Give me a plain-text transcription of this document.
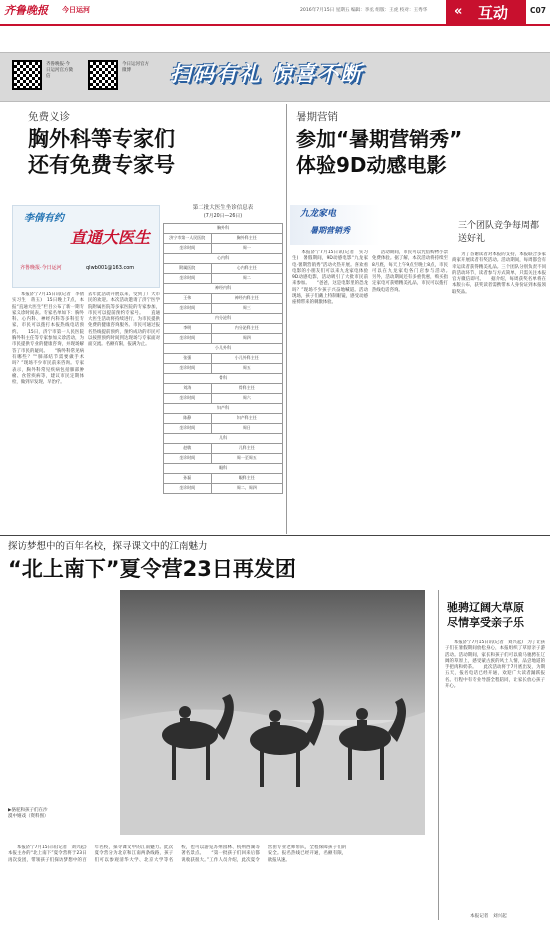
齐鲁晚报 今日运河	2016年7月15日 星期五 编辑：李丞 组版：王虎 校对：王秀华 « 互动	C07
齐鲁晚报·今日运河官方微信
今日运河官方微博	扫码有礼 惊喜不断
免费义诊
胸外科等专家们
还有免费专家号
李倩有约
直通大医生
齐鲁晚报·今日运河	qlwb001@163.com
　　本报济宁7月15日讯(记者　李倩　实习生　蒋玉)　15日晚上7点，本报“直通大医生”栏目公布了新一期专家义诊时间表。专家名单如下：胸外科、心内科、神经内科等多科室专家，市民可以拨打本报热线电话预约。　　15日，济宁市第一人民医院胸外科主任等专家参加义诊活动，为市民提供专业的健康咨询，并现场解答了市民的疑问。　　“胸外科常见病有哪些？”“肺部结节需要做手术吗？”现场不少市民前来咨询。专家表示，胸外科常见疾病包括肺部肿瘤、食管疾病等，建议市民定期体检，做到早发现、早治疗。
去年此活动开展以来，受到了广大市民的欢迎。本次活动邀请了济宁医学院附属医院等多家医院的专家参加，市民可以提前预约专家号。　　直通大医生活动将持续进行，为市民提供免费的健康咨询服务。市民可通过报名热线提前预约，预约成功的市民可以按照预约时间到达现场与专家面对面交流。名额有限，报满为止。
第二批大医生坐诊信息表
(7月20日—26日)
胸外科	
济宁市第一人民医院	胸外科主任
坐诊时间	周一
心内科	
附属医院	心内科主任
坐诊时间	周二
神经内科	
王伟	神经内科主任
坐诊时间	周三
内分泌科	
李明	内分泌科主任
坐诊时间	周四
小儿外科	
张强	小儿外科主任
坐诊时间	周五
骨科	
刘涛	骨科主任
坐诊时间	周六
妇产科	
陈静	妇产科主任
坐诊时间	周日
儿科	
赵敏	儿科主任
坐诊时间	周一至周五
眼科	
孙磊	眼科主任
坐诊时间	周二、周四
暑期营销
参加“暑期营销秀”
体验9D动感电影
九龙家电
暑期营销秀
　　本报济宁7月15日讯(记者　实习生)　暑假期间，9D动感电影“九龙家电·暑期营销秀”活动火热开展。喜欢看电影的小朋友们可以来九龙家电体验9D动感电影，活动吸引了大批市民前来参加。　　“爸爸，这是电影里的恐龙吗？”现场不少孩子兴奋地喊道。活动现场，孩子们戴上特制眼镜，感受动感座椅带来的刺激体验。
　　活动期间，市民可以凭借购物小票免费体验。据了解，本次活动将持续至8月底，每天上午9点至晚上8点，市民可以在九龙家电各门店参与活动。　　另外，活动期间还有多重优惠，购买指定家电可获赠精美礼品，市民可以拨打热线电话咨询。
三个团队竞争每周都送好礼
　　为了答谢读者对本报的支持，本报联合多家商家开展读者有奖活动。活动期间，每周都会有幸运读者获得精美礼品。三个团队分别负责不同的活动环节，读者参与方式简单，只需关注本报官方微信即可。　　据介绍，每周获奖名单将在本版公布，获奖读者需携带本人身份证到本报领取奖品。
探访梦想中的百年名校，探寻课文中的江南魅力
“北上南下”夏令营23日再发团
▶骆驼和孩子们在沙漠中嬉戏（资料图）
　　本报济宁7月15日讯(记者　刘兴起)　本报主办的“北上南下”夏令营将于23日再次发团，带领孩子们探访梦想中的百年名校，探寻课文中的江南魅力。此次夏令营分为北京和江南两条线路，孩子们可以参观清华大学、北京大学等名校，也可以游览苏州园林、杭州西湖等著名景点。　　“第一批孩子们回来后都说收获很大。”工作人员介绍，此次夏令营由专业老师带队，全程保障孩子们的安全。报名热线已经开通，名额有限，欲报从速。
驰骋辽阔大草原
尽情享受亲子乐
　　本报济宁7月15日讯(记者　刘兴起)　为了让孩子们在暑假期间放松身心，本报组织了草原亲子游活动。活动期间，家长和孩子们可以骑马驰骋在辽阔的草原上，感受蒙古族的风土人情，品尝地道的手把肉和奶茶。　　此次活动将于7月底出发，为期五天，报名电话已经开通，欢迎广大读者踊跃报名。行程中有专业导游全程陪同，让家长放心孩子开心。
本报记者　刘兴起
